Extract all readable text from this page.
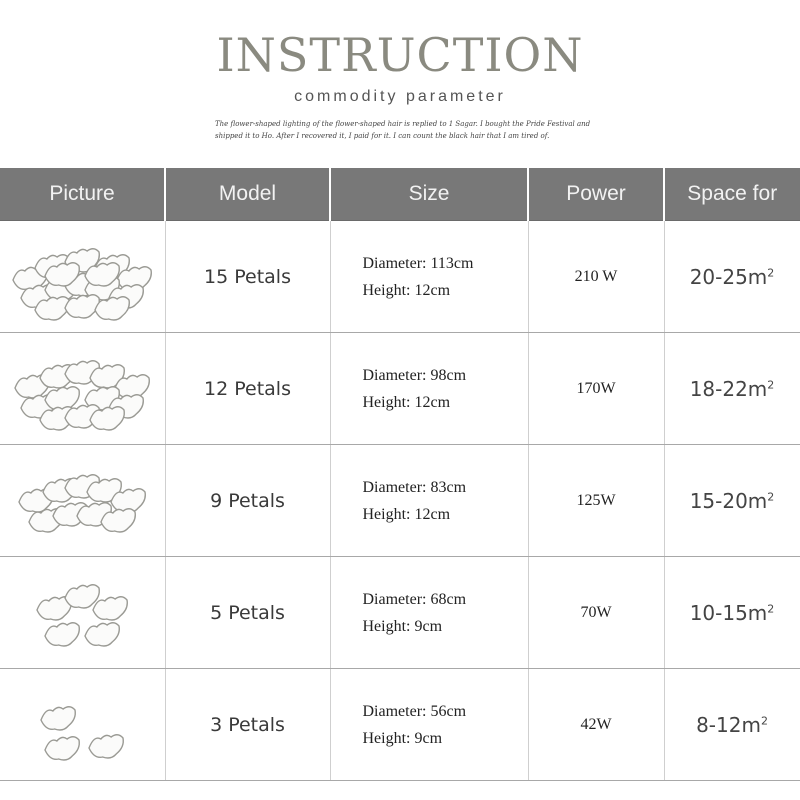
INSTRUCTION
commodity parameter
The flower-shaped lighting of the flower-shaped hair is replied to 1 Sagar. I bought the Pride Festival and shipped it to Ho. After I recovered it, I paid for it. I can count the black hair that I am tired of.
Picture	Model	Size	Power	Space for

	15 Petals	Diameter: 113cm
Height: 12cm	210 W	$20-25m^2$

	12 Petals	Diameter: 98cm
Height: 12cm	170W	$18-22m^2$

	9 Petals	Diameter: 83cm
Height: 12cm	125W	$15-20m^2$

	5 Petals	Diameter: 68cm
Height: 9cm	70W	$10-15m^2$

	3 Petals	Diameter: 56cm
Height: 9cm	42W	$8-12m^2$
